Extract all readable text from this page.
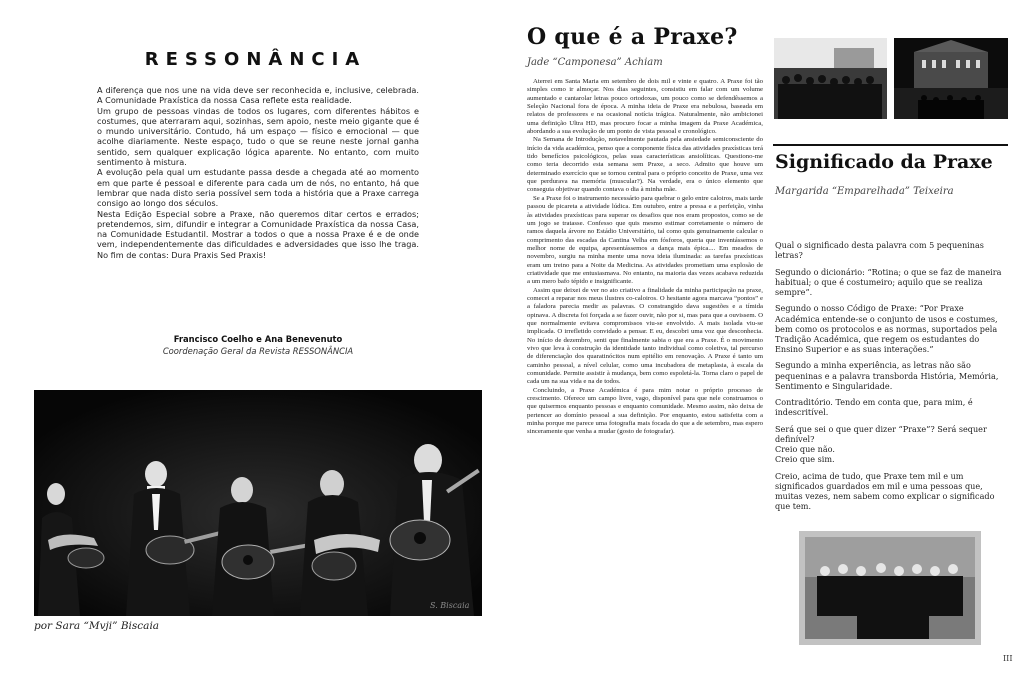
RESSONÂNCIA

A diferença que nos une na vida deve ser reconhecida e, inclusive, celebrada. A Comunidade Praxística da nossa Casa reflete esta realidade.

Um grupo de pessoas vindas de todos os lugares, com diferentes hábitos e costumes, que aterraram aqui, sozinhas, sem apoio, neste meio gigante que é o mundo universitário. Contudo, há um espaço — físico e emocional — que acolhe diariamente. Neste espaço, tudo o que se reune neste jornal ganha sentido, sem qualquer explicação lógica aparente. No entanto, com muito sentimento à mistura.

A evolução pela qual um estudante passa desde a chegada até ao momento em que parte é pessoal e diferente para cada um de nós, no entanto, há que lembrar que nada disto seria possível sem toda a história que a Praxe carrega consigo ao longo dos séculos.

Nesta Edição Especial sobre a Praxe, não queremos ditar certos e errados; pretendemos, sim, difundir e integrar a Comunidade Praxística da nossa Casa, na Comunidade Estudantil. Mostrar a todos o que a nossa Praxe é e de onde vem, independentemente das dificuldades e adversidades que isso lhe traga. No fim de contas: Dura Praxis Sed Praxis!

Francisco Coelho e Ana Benevenuto
Coordenação Geral da Revista RESSONÂNCIA
S. Biscaia
por Sara “Mvji” Biscaia
O que é a Praxe?
Jade “Camponesa” Achiam

Aterrei em Santa Maria em setembro de dois mil e vinte e quatro. A Praxe foi tão simples como ir almoçar. Nos dias seguintes, consistiu em falar com um volume aumentado e cantarolar letras pouco ortodoxas, um pouco como se defendêssemos a Seleção Nacional fora de época. A minha ideia de Praxe era nebulosa, baseada em relatos de professores e na ocasional notícia trágica. Naturalmente, não ambicionei uma definição Ultra HD, mas procuro focar a minha imagem da Praxe Académica, abordando a sua evolução de um ponto de vista pessoal e cronológico.

Na Semana de Introdução, notavelmente pautada pela ansiedade semiconsciente do início da vida académica, penso que a componente física das atividades praxísticas terá tido benefícios psicológicos, pelas suas características ansiolíticas. Questiono-me como teria decorrido esta semana sem Praxe, a seco. Admito que houve um determinado exercício que se tornou central para o próprio conceito de Praxe, uma vez que perdurava na memória (muscular?). Na verdade, era o único elemento que conseguia objetivar quando contava o dia à minha mãe.

Se a Praxe foi o instrumento necessário para quebrar o gelo entre caloiros, mais tarde passou de picareta a atividade lúdica. Em outubro, entre a pressa e a perfeição, vinha às atividades praxísticas para superar os desafios que nos eram propostos, como se de um jogo se tratasse. Confesso que quis mesmo estimar corretamente o número de ramos daquela árvore no Estádio Universitário, tal como quis genuinamente calcular o comprimento das escadas da Cantina Velha em fósforos, queria que inventássemos o melhor nome de equipa, apresentássemos a dança mais épica.... Em meados de novembro, surgiu na minha mente uma nova ideia iluminada: as tarefas praxísticas eram um treino para a Noite da Medicina. As atividades prometiam uma explosão de criatividade que me entusiasmava. No entanto, na maioria das vezes acabava reduzida a um mero bafo tépido e insignificante.

Assim que deixei de ver no ato criativo a finalidade da minha participação na praxe, comecei a reparar nos meus ilustres co-caloiros. O hesitante agora marcava “pontos” e a faladora parecia medir as palavras. O constrangido dava sugestões e a tímida opinava. A discreta foi forçada a se fazer ouvir, não por si, mas para que a ouvissem. O que normalmente evitava compromissos viu-se envolvido. A mais isolada viu-se implicada. O irrefletido convidado a pensar. E eu, descobri uma voz que desconhecia. No início de dezembro, senti que finalmente sabia o que era a Praxe. É o movimento vivo que leva à construção da identidade tanto individual como coletiva, tal percurso de diferenciação dos quaratinócitos num epitélio em renovação. A Praxe é tanto um caminho pessoal, a nível celular, como uma incubadora de metaplasia, à escala da comunidade. Permite assistir à mudança, bem como espoletá-la. Torna claro o papel de cada um na sua vida e na de todos.

Concluindo, a Praxe Académica é para mim notar o próprio processo de crescimento. Oferece um campo livre, vago, disponível para que nele construamos o que quisermos enquanto pessoas e enquanto comunidade. Mesmo assim, não deixa de pertencer ao domínio pessoal a sua definição. Por enquanto, estou satisfeita com a minha porque me parece uma fotografia mais focada do que a de setembro, mas espero sinceramente que venha a mudar (gosto de fotografar).

Significado da Praxe
Margarida “Emparelhada” Teixeira

Qual o significado desta palavra com 5 pequeninas letras?

Segundo o dicionário: “Rotina; o que se faz de maneira habitual; o que é costumeiro; aquilo que se realiza sempre”.

Segundo o nosso Código de Praxe: “Por Praxe Académica entende-se o conjunto de usos e costumes, bem como os protocolos e as normas, suportados pela Tradição Académica, que regem os estudantes do Ensino Superior e as suas interações.”

Segundo a minha experiência, as letras não são pequeninas e a palavra transborda História, Memória, Sentimento e Singularidade.

Contraditório. Tendo em conta que, para mim, é indescritível.

Será que sei o que quer dizer “Praxe”? Será sequer definível?
Creio que não.
Creio que sim.

Creio, acima de tudo, que Praxe tem mil e um significados guardados em mil e uma pessoas que, muitas vezes, nem sabem como explicar o significado que tem.

III
